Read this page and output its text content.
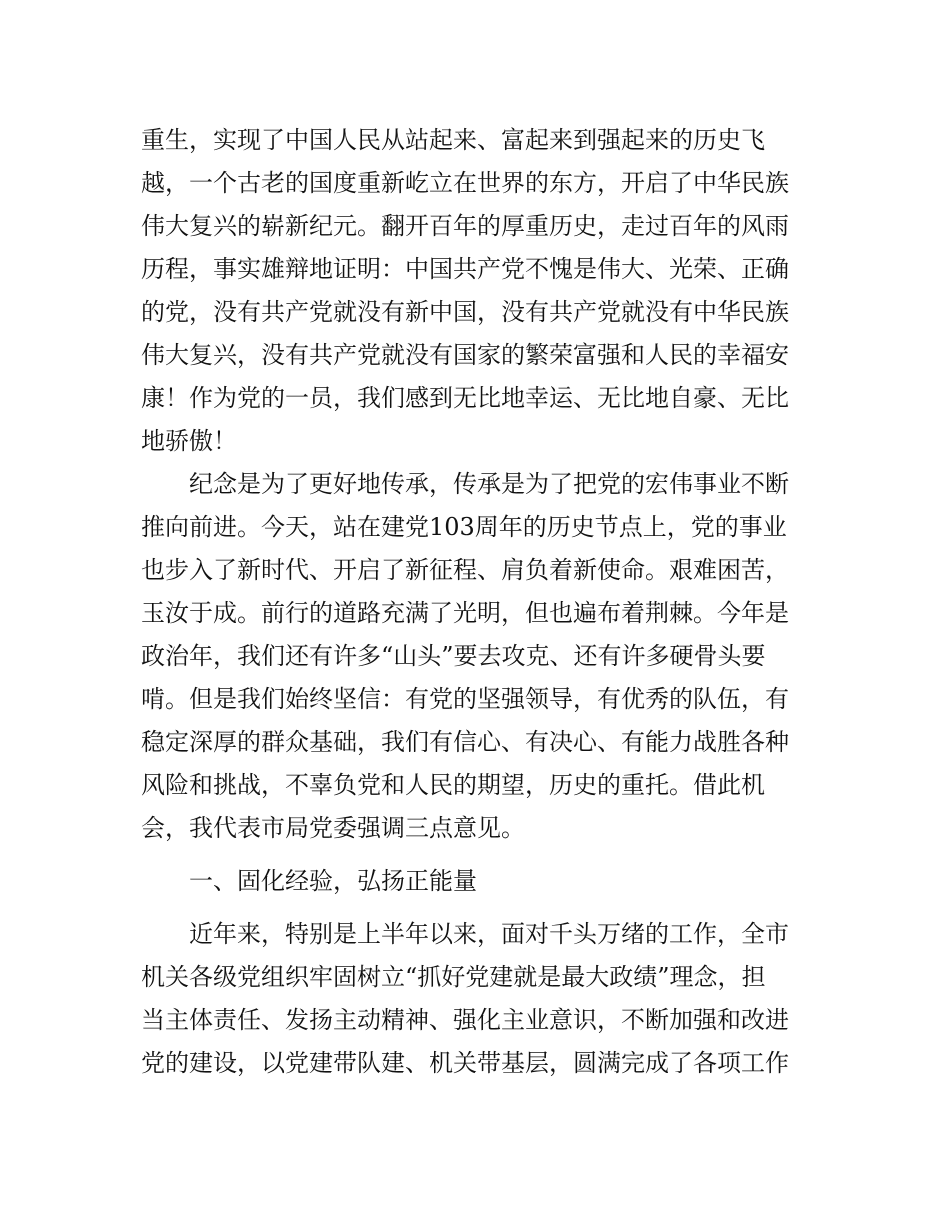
重生，实现了中国人民从站起来、富起来到强起来的历史飞
越，一个古老的国度重新屹立在世界的东方，开启了中华民族
伟大复兴的崭新纪元。翻开百年的厚重历史，走过百年的风雨
历程，事实雄辩地证明：中国共产党不愧是伟大、光荣、正确
的党，没有共产党就没有新中国，没有共产党就没有中华民族
伟大复兴，没有共产党就没有国家的繁荣富强和人民的幸福安
康！作为党的一员，我们感到无比地幸运、无比地自豪、无比
地骄傲！
纪念是为了更好地传承，传承是为了把党的宏伟事业不断
推向前进。今天，站在建党103周年的历史节点上，党的事业
也步入了新时代、开启了新征程、肩负着新使命。艰难困苦，
玉汝于成。前行的道路充满了光明，但也遍布着荆棘。今年是
政治年，我们还有许多“山头”要去攻克、还有许多硬骨头要
啃。但是我们始终坚信：有党的坚强领导，有优秀的队伍，有
稳定深厚的群众基础，我们有信心、有决心、有能力战胜各种
风险和挑战，不辜负党和人民的期望，历史的重托。借此机
会，我代表市局党委强调三点意见。
一、固化经验，弘扬正能量
近年来，特别是上半年以来，面对千头万绪的工作，全市
机关各级党组织牢固树立“抓好党建就是最大政绩”理念，担
当主体责任、发扬主动精神、强化主业意识，不断加强和改进
党的建设，以党建带队建、机关带基层，圆满完成了各项工作
